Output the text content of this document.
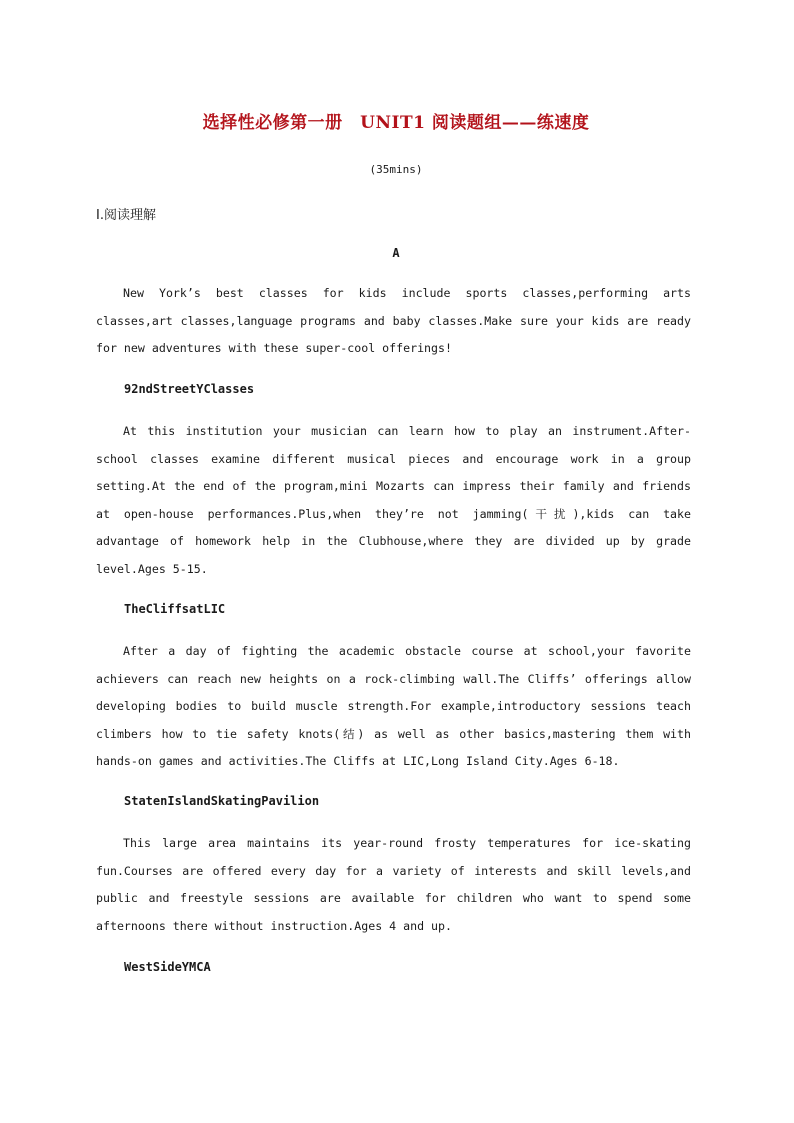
选择性必修第一册　UNIT1 阅读题组——练速度
(35mins)
Ⅰ.阅读理解
A

New York’s best classes for kids include sports classes,performing arts classes,art classes,language programs and baby classes.Make sure your kids are ready for new adventures with these super-cool offerings!

92ndStreetYClasses

At this institution your musician can learn how to play an instrument.After-school classes examine different musical pieces and encourage work in a group setting.At the end of the program,mini Mozarts can impress their family and friends at open-house performances.Plus,when they’re not jamming(干扰),kids can take advantage of homework help in the Clubhouse,where they are divided up by grade level.Ages 5-15.

TheCliffsatLIC

After a day of fighting the academic obstacle course at school,your favorite achievers can reach new heights on a rock-climbing wall.The Cliffs’ offerings allow developing bodies to build muscle strength.For example,introductory sessions teach climbers how to tie safety knots(结) as well as other basics,mastering them with hands-on games and activities.The Cliffs at LIC,Long Island City.Ages 6-18.

StatenIslandSkatingPavilion

This large area maintains its year-round frosty temperatures for ice-skating fun.Courses are offered every day for a variety of interests and skill levels,and public and freestyle sessions are available for children who want to spend some afternoons there without instruction.Ages 4 and up.

WestSideYMCA
